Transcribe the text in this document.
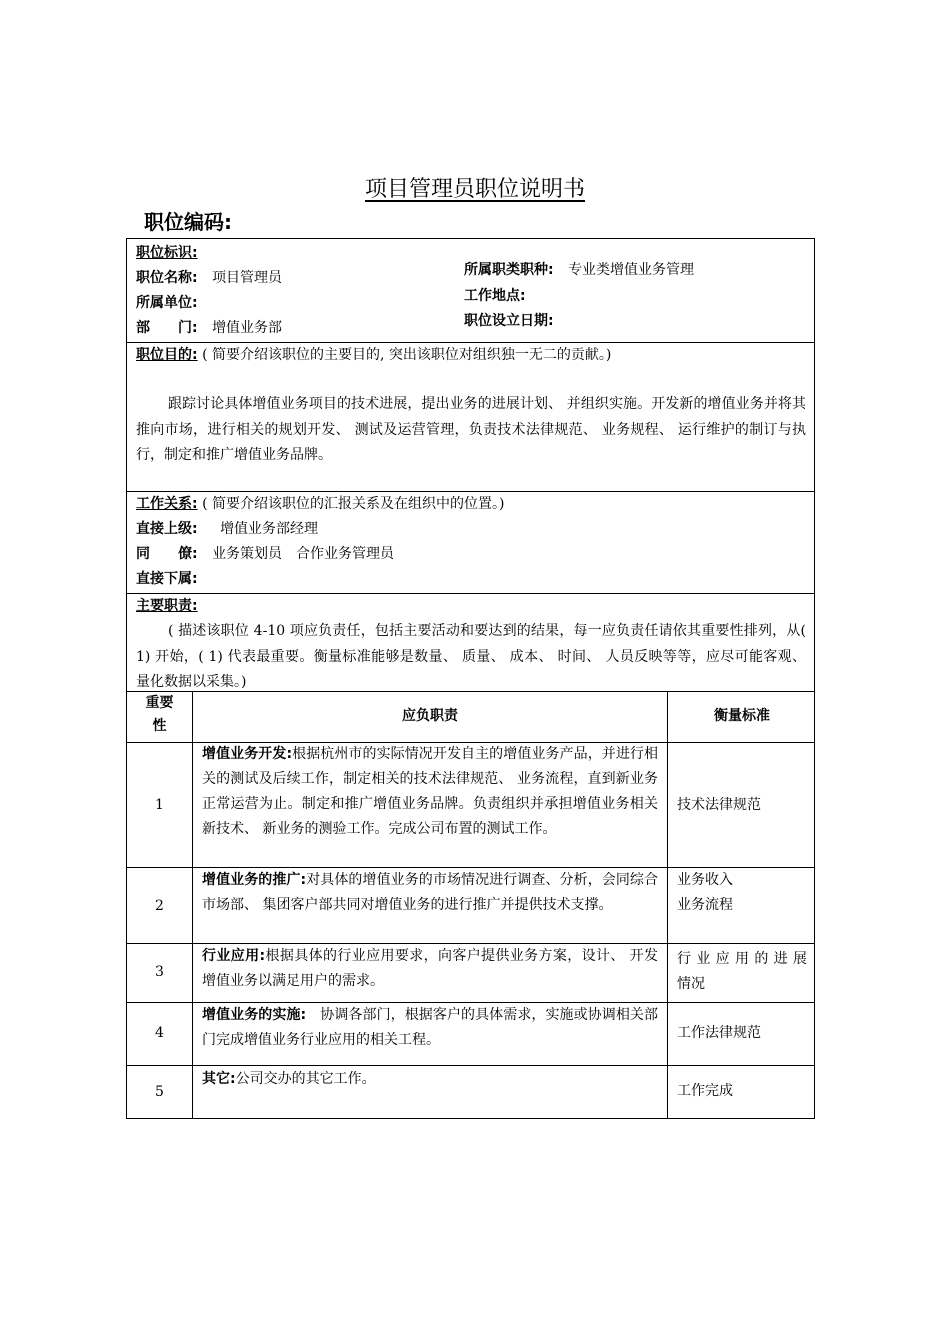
项目管理员职位说明书
职位编码:
职位标识:
职位名称: 项目管理员
所属单位:
部　　门: 增值业务部
所属职类职种: 专业类增值业务管理
工作地点:
职位设立日期:
职位目的: ( 简要介绍该职位的主要目的, 突出该职位对组织独一无二的贡献。)
跟踪讨论具体增值业务项目的技术进展，提出业务的进展计划、 并组织实施。开发新的增值业务并将其推向市场，进行相关的规划开发、 测试及运营管理，负责技术法律规范、 业务规程、 运行维护的制订与执行，制定和推广增值业务品牌。
工作关系: ( 简要介绍该职位的汇报关系及在组织中的位置。)
直接上级: 增值业务部经理
同　　僚: 业务策划员　合作业务管理员
直接下属:
主要职责:
( 描述该职位 4-10 项应负责任，包括主要活动和要达到的结果，每一应负责任请依其重要性排列，从( 1) 开始，( 1) 代表最重要。衡量标准能够是数量、 质量、 成本、 时间、 人员反映等等，应尽可能客观、 量化数据以采集。)
重要
性
应负职责	衡量标准
1
增值业务开发:根据杭州市的实际情况开发自主的增值业务产品，并进行相关的测试及后续工作，制定相关的技术法律规范、 业务流程，直到新业务正常运营为止。制定和推广增值业务品牌。负责组织并承担增值业务相关新技术、 新业务的测验工作。完成公司布置的测试工作。
技术法律规范
2
增值业务的推广:对具体的增值业务的市场情况进行调查、分析，会同综合市场部、 集团客户部共同对增值业务的进行推广并提供技术支撑。
业务收入
业务流程
3
行业应用:根据具体的行业应用要求，向客户提供业务方案，设计、 开发增值业务以满足用户的需求。
行业应用的进展
情况
4
增值业务的实施:　协调各部门，根据客户的具体需求，实施或协调相关部门完成增值业务行业应用的相关工程。	工作法律规范
5
其它:公司交办的其它工作。
工作完成
